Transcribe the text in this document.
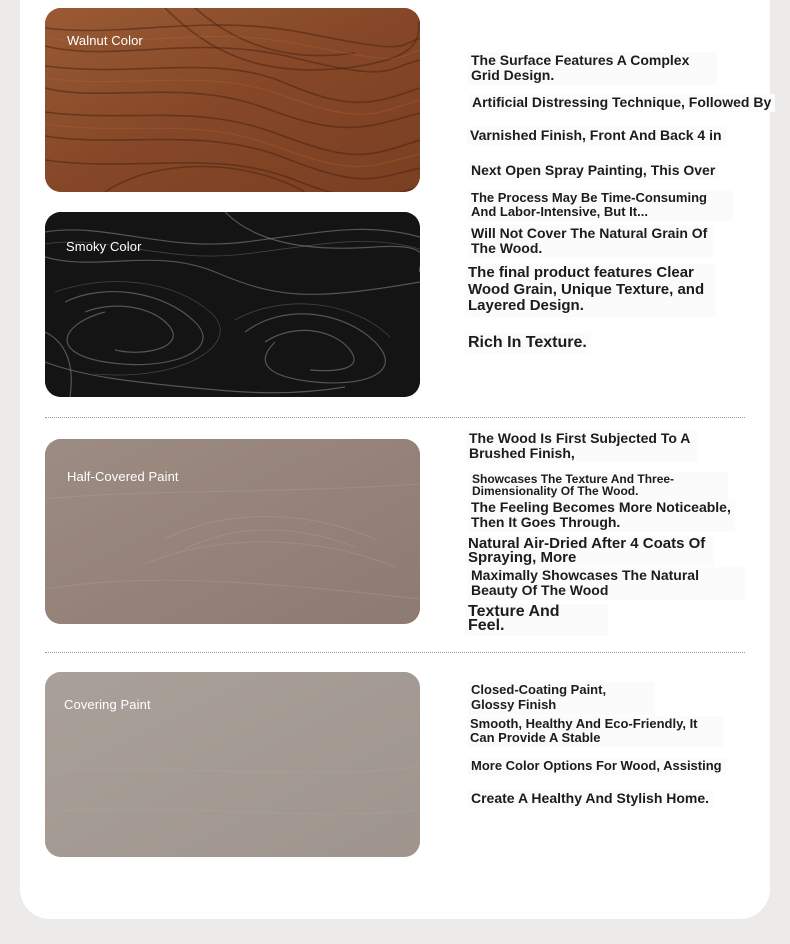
Walnut Color
Smoky Color
The Surface Features A Complex Grid Design.
Artificial Distressing Technique, Followed By
Varnished Finish, Front And Back 4 in
Next Open Spray Painting, This Over
The Process May Be Time-Consuming And Labor-Intensive, But It...
Will Not Cover The Natural Grain Of The Wood.
The final product features Clear Wood Grain, Unique Texture, and Layered Design.
Rich In Texture.
Half-Covered Paint
The Wood Is First Subjected To A Brushed Finish,
Showcases The Texture And Three-Dimensionality Of The Wood.
The Feeling Becomes More Noticeable, Then It Goes Through.
Natural Air-Dried After 4 Coats Of Spraying, More
Maximally Showcases The Natural Beauty Of The Wood
Texture And Feel.
Covering Paint
Closed-Coating Paint, Glossy Finish
Smooth, Healthy And Eco-Friendly, It Can Provide A Stable
More Color Options For Wood, Assisting
Create A Healthy And Stylish Home.
